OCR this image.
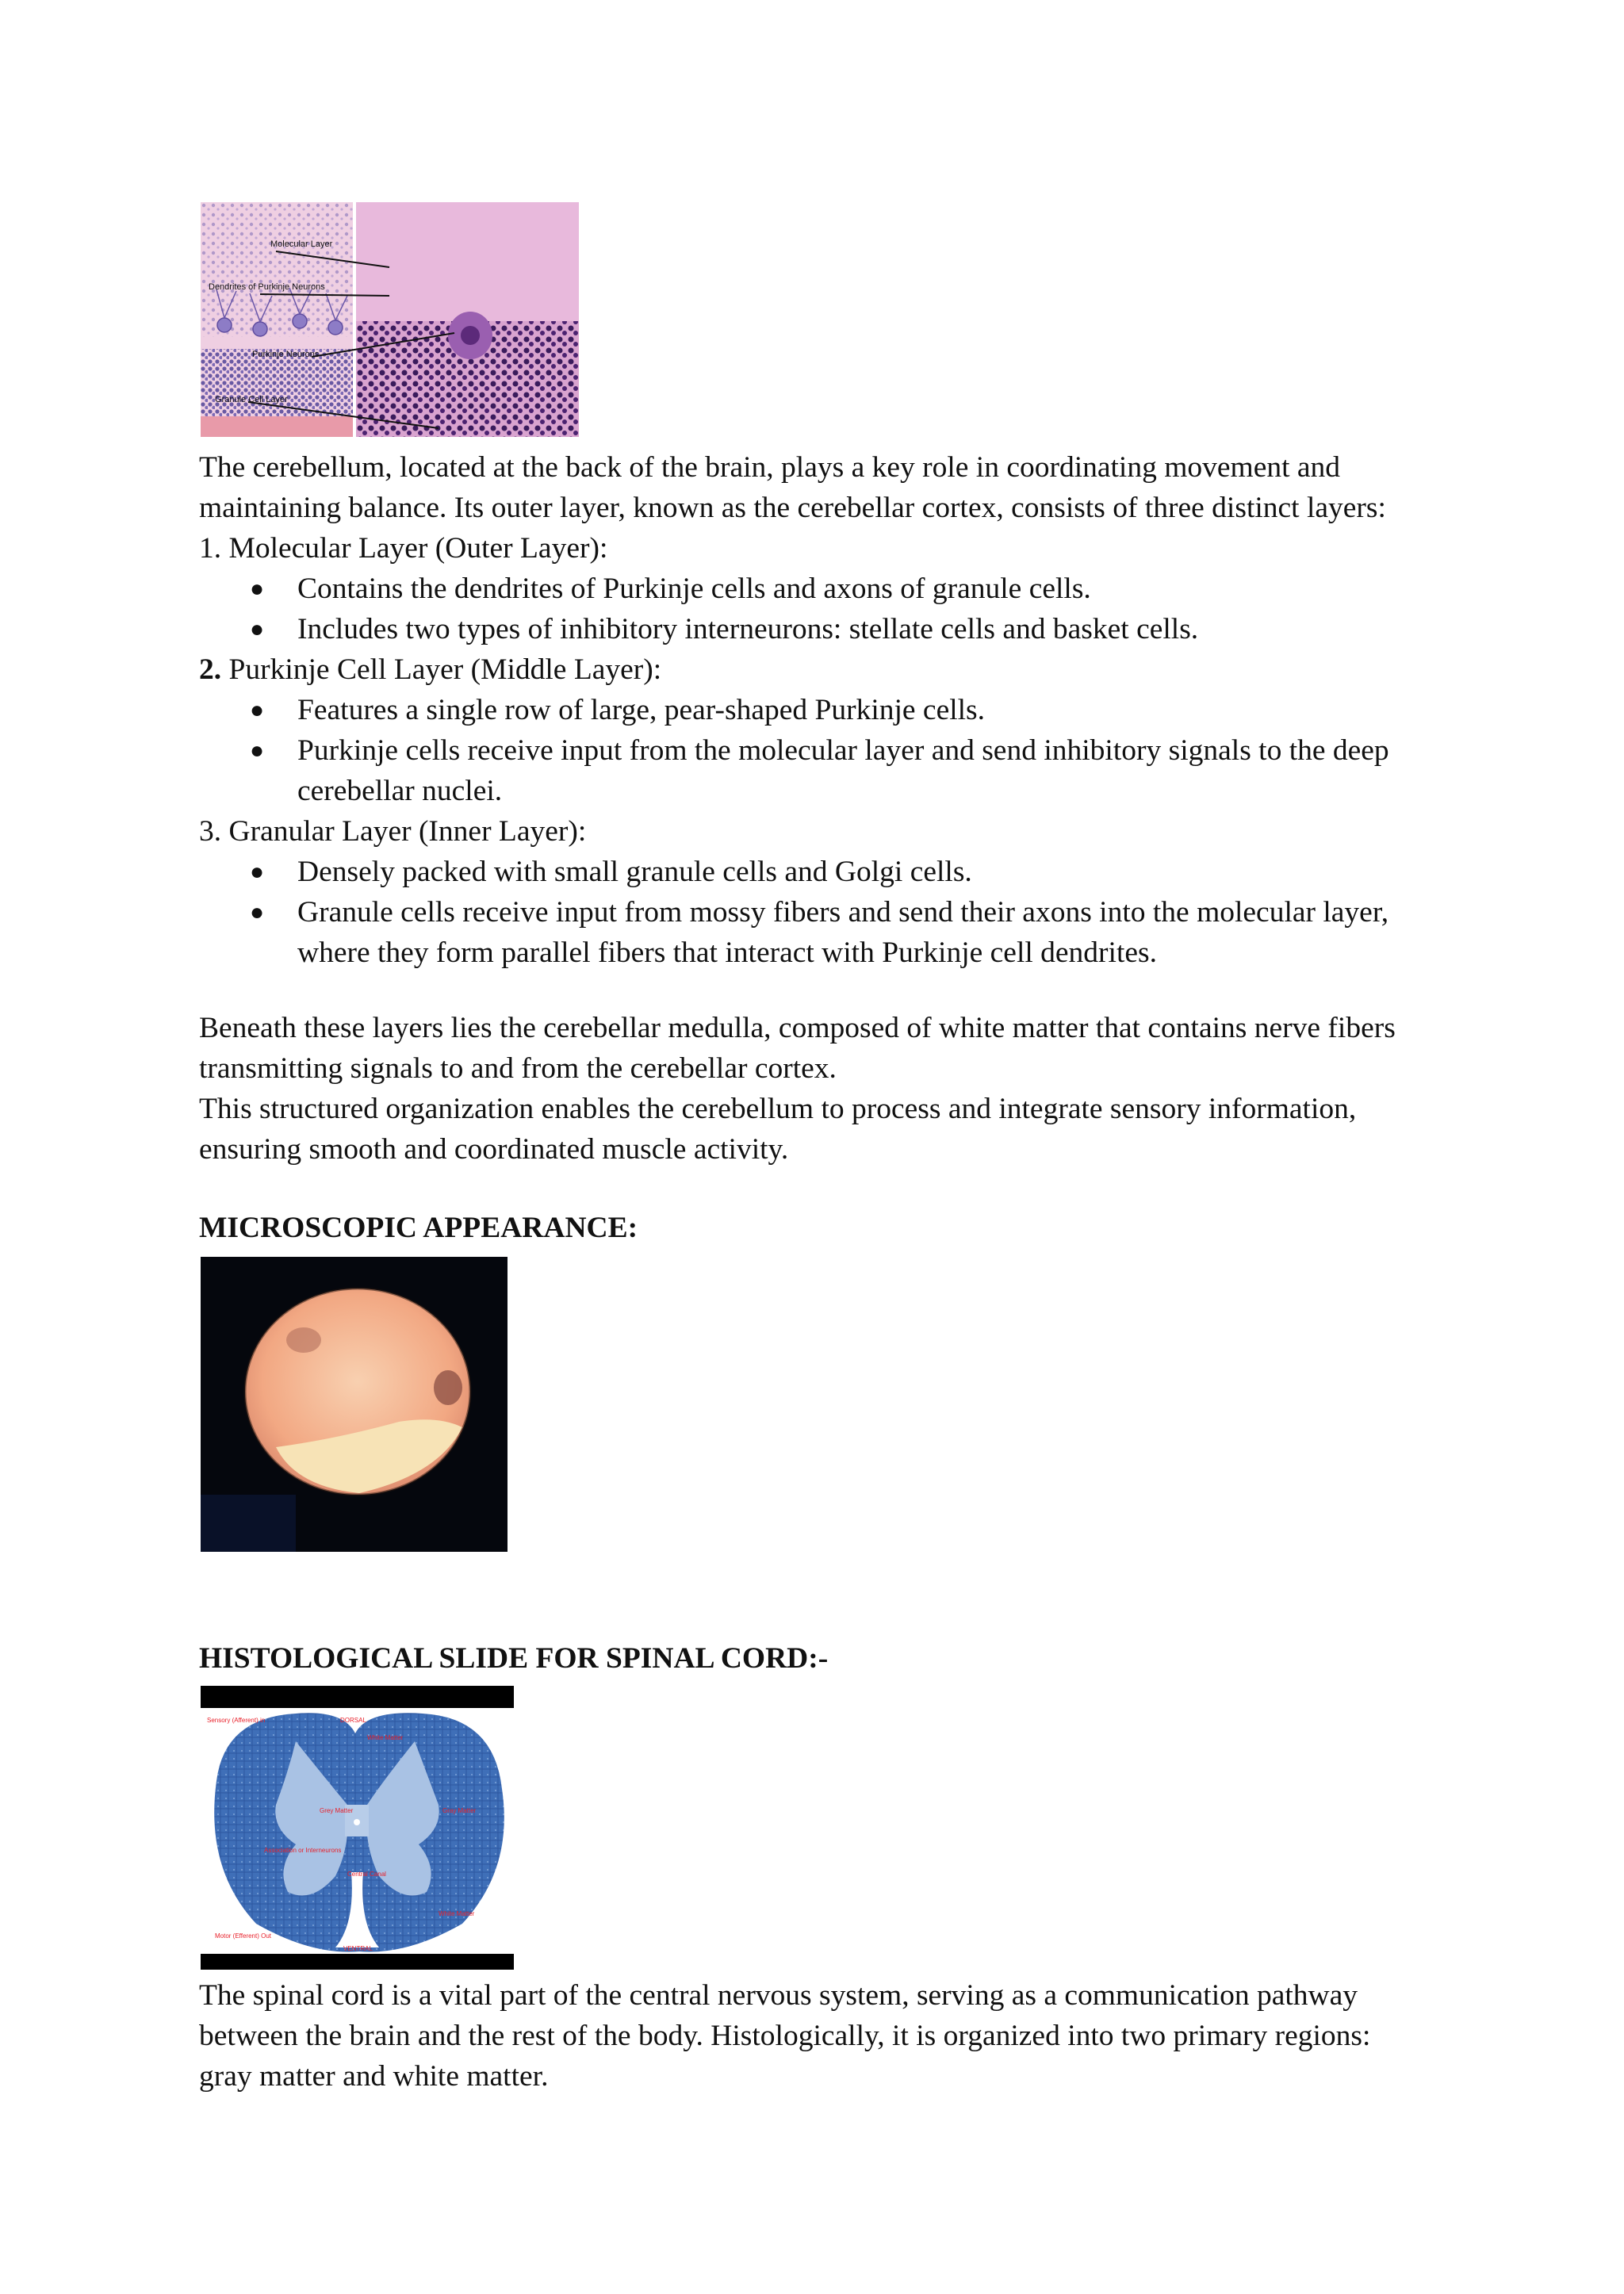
Molecular Layer
Dendrites of Purkinje Neurons
Purkinje Neurons
Granule Cell Layer
The cerebellum, located at the back of the brain, plays a key role in coordinating movement and
maintaining balance. Its outer layer, known as the cerebellar cortex, consists of three distinct layers:
1. Molecular Layer (Outer Layer):
● Contains the dendrites of Purkinje cells and axons of granule cells.
● Includes two types of inhibitory interneurons: stellate cells and basket cells.
2. Purkinje Cell Layer (Middle Layer):
● Features a single row of large, pear-shaped Purkinje cells.
● Purkinje cells receive input from the molecular layer and send inhibitory signals to the deep
cerebellar nuclei.
3. Granular Layer (Inner Layer):
● Densely packed with small granule cells and Golgi cells.
● Granule cells receive input from mossy fibers and send their axons into the molecular layer,
where they form parallel fibers that interact with Purkinje cell dendrites.
Beneath these layers lies the cerebellar medulla, composed of white matter that contains nerve fibers
transmitting signals to and from the cerebellar cortex.
This structured organization enables the cerebellum to process and integrate sensory information,
ensuring smooth and coordinated muscle activity.
MICROSCOPIC APPEARANCE:
HISTOLOGICAL SLIDE FOR SPINAL CORD:-
Sensory (Afferent) in	DORSAL
White Matter
Grey Matter	Gray Matter
Association or Interneurons
Central Canal
Motor (Efferent) Out
VENTRAL
White Matter
The spinal cord is a vital part of the central nervous system, serving as a communication pathway
between the brain and the rest of the body. Histologically, it is organized into two primary regions:
gray matter and white matter.
